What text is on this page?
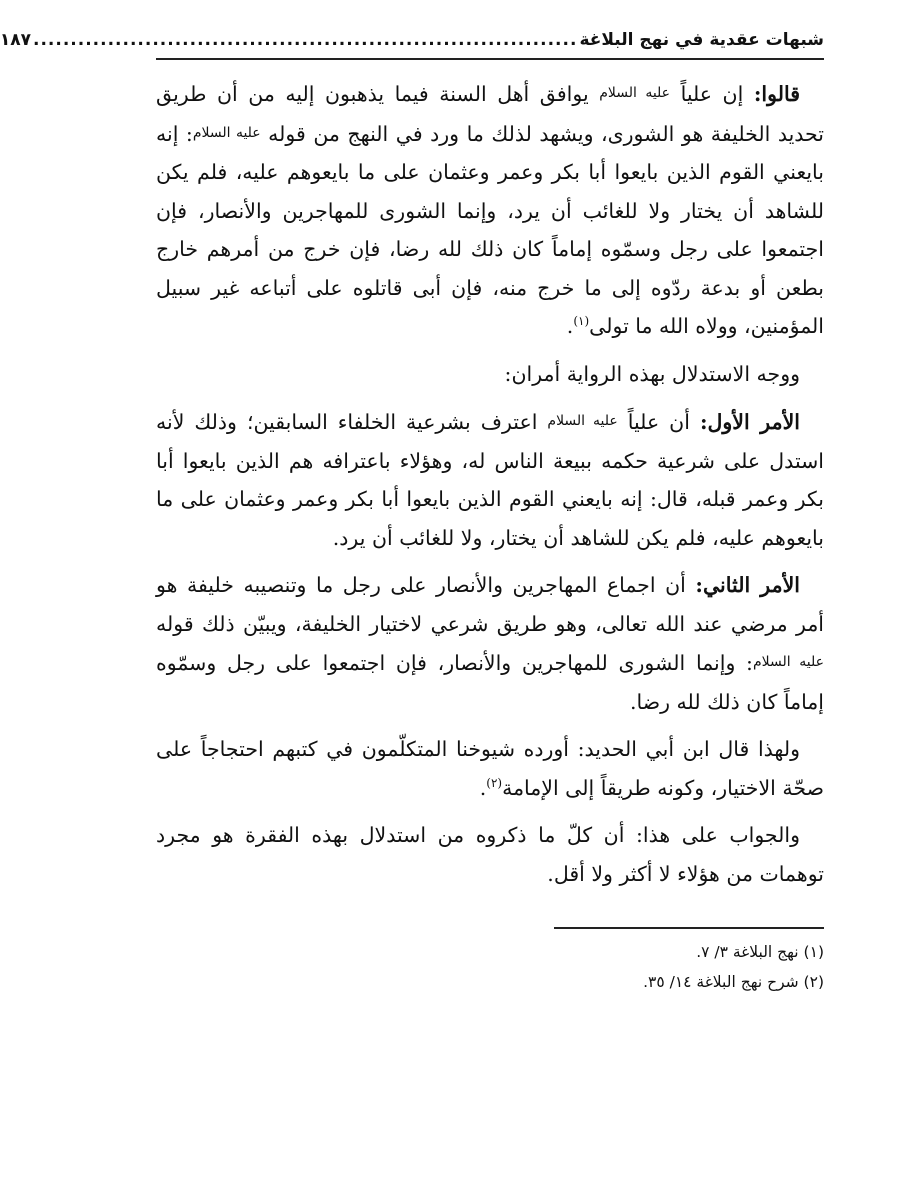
شبهات عقدية في نهج البلاغة
.........................................................................
١٨٧

قالوا: إن علياً عليه السلام يوافق أهل السنة فيما يذهبون إليه من أن طريق تحديد الخليفة هو الشورى، ويشهد لذلك ما ورد في النهج من قوله عليه السلام: إنه بايعني القوم الذين بايعوا أبا بكر وعمر وعثمان على ما بايعوهم عليه، فلم يكن للشاهد أن يختار ولا للغائب أن يرد، وإنما الشورى للمهاجرين والأنصار، فإن اجتمعوا على رجل وسمّوه إماماً كان ذلك لله رضا، فإن خرج من أمرهم خارج بطعن أو بدعة ردّوه إلى ما خرج منه، فإن أبى قاتلوه على أتباعه غير سبيل المؤمنين، وولاه الله ما تولى$^{(١)}$.

ووجه الاستدلال بهذه الرواية أمران:

الأمر الأول: أن علياً عليه السلام اعترف بشرعية الخلفاء السابقين؛ وذلك لأنه استدل على شرعية حكمه ببيعة الناس له، وهؤلاء باعترافه هم الذين بايعوا أبا بكر وعمر قبله، قال: إنه بايعني القوم الذين بايعوا أبا بكر وعمر وعثمان على ما بايعوهم عليه، فلم يكن للشاهد أن يختار، ولا للغائب أن يرد.

الأمر الثاني: أن اجماع المهاجرين والأنصار على رجل ما وتنصيبه خليفة هو أمر مرضي عند الله تعالى، وهو طريق شرعي لاختيار الخليفة، ويبيّن ذلك قوله عليه السلام: وإنما الشورى للمهاجرين والأنصار، فإن اجتمعوا على رجل وسمّوه إماماً كان ذلك لله رضا.

ولهذا قال ابن أبي الحديد: أورده شيوخنا المتكلّمون في كتبهم احتجاجاً على صحّة الاختيار، وكونه طريقاً إلى الإمامة$^{(٢)}$.

والجواب على هذا: أن كلّ ما ذكروه من استدلال بهذه الفقرة هو مجرد توهمات من هؤلاء لا أكثر ولا أقل.

(١) نهج البلاغة ٣/ ٧.

(٢) شرح نهج البلاغة ١٤/ ٣٥.
